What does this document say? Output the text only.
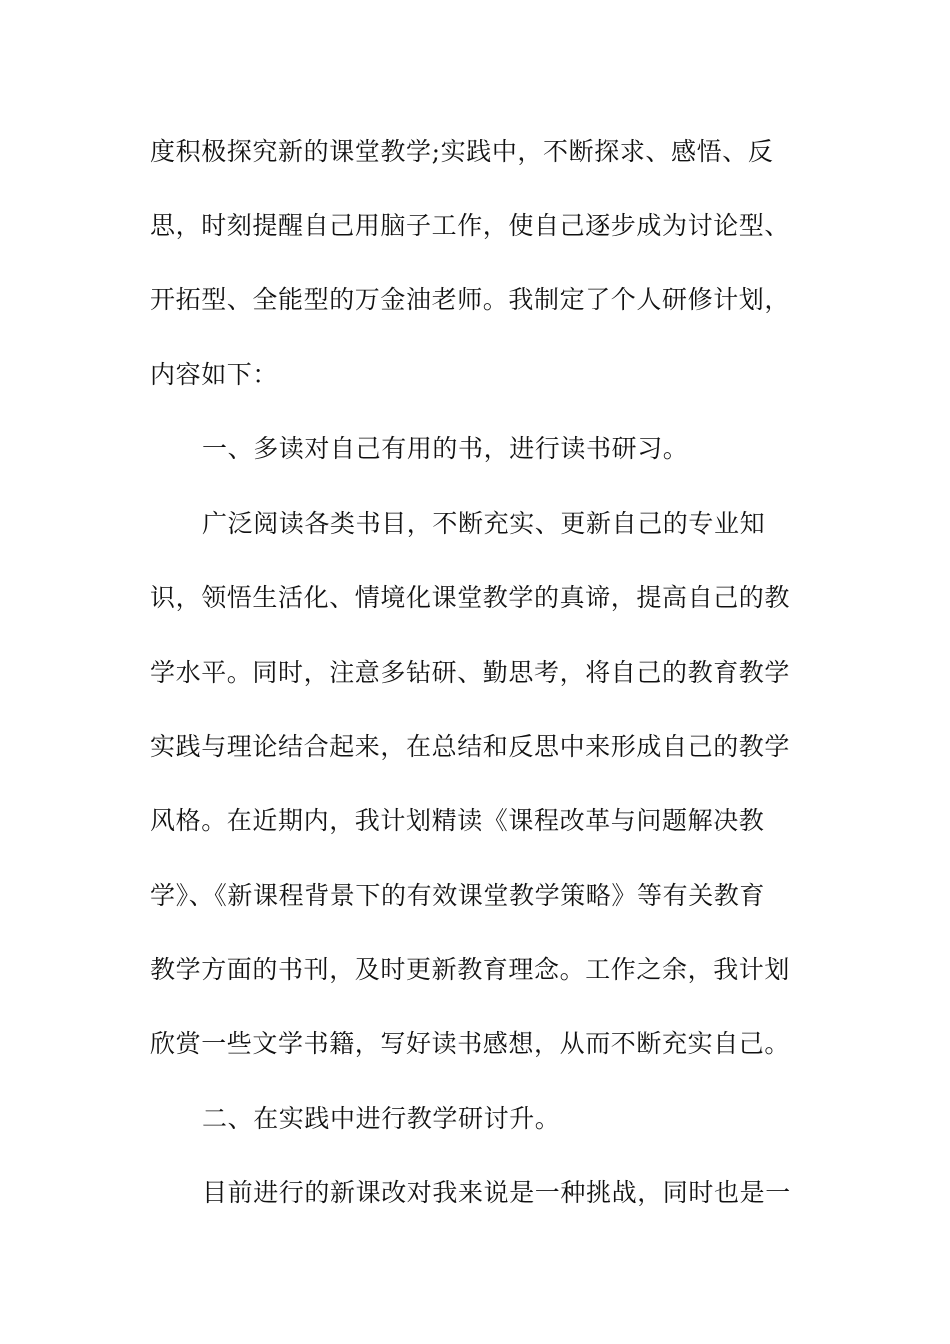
度积极探究新的课堂教学;实践中，不断探求、感悟、反
思，时刻提醒自己用脑子工作，使自己逐步成为讨论型、
开拓型、全能型的万金油老师。我制定了个人研修计划，
内容如下：
一、多读对自己有用的书，进行读书研习。
广泛阅读各类书目，不断充实、更新自己的专业知
识，领悟生活化、情境化课堂教学的真谛，提高自己的教
学水平。同时，注意多钻研、勤思考，将自己的教育教学
实践与理论结合起来，在总结和反思中来形成自己的教学
风格。在近期内，我计划精读《课程改革与问题解决教
学》、《新课程背景下的有效课堂教学策略》等有关教育
教学方面的书刊，及时更新教育理念。工作之余，我计划
欣赏一些文学书籍，写好读书感想，从而不断充实自己。
二、在实践中进行教学研讨升。
目前进行的新课改对我来说是一种挑战，同时也是一
